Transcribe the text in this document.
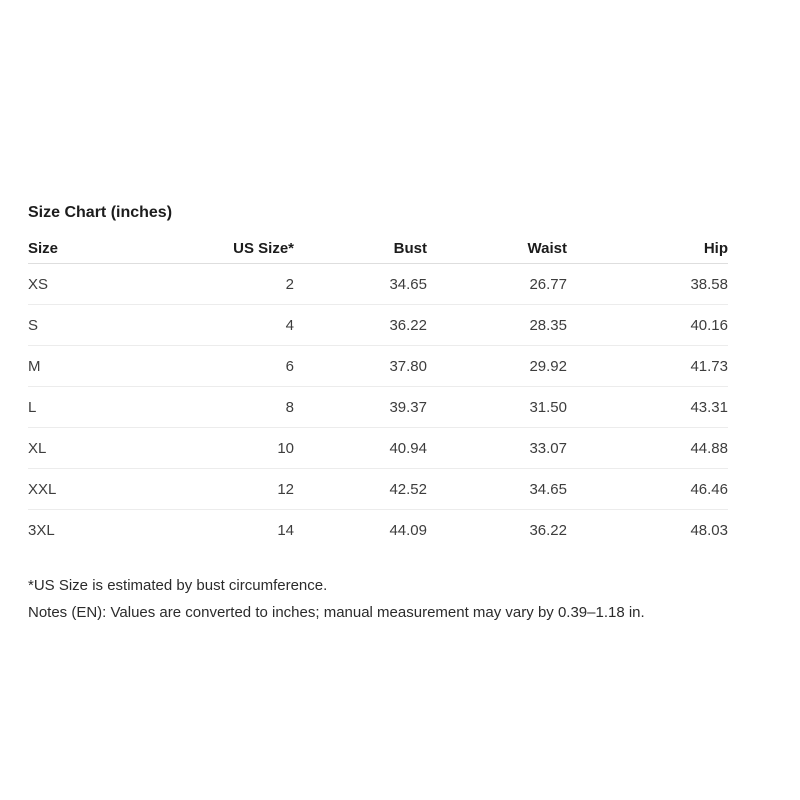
Size Chart (inches)
Size	US Size*	Bust	Waist	Hip
XS	2	34.65	26.77	38.58
S	4	36.22	28.35	40.16
M	6	37.80	29.92	41.73
L	8	39.37	31.50	43.31
XL	10	40.94	33.07	44.88
XXL	12	42.52	34.65	46.46
3XL	14	44.09	36.22	48.03
*US Size is estimated by bust circumference.
Notes (EN): Values are converted to inches; manual measurement may vary by 0.39–1.18 in.
